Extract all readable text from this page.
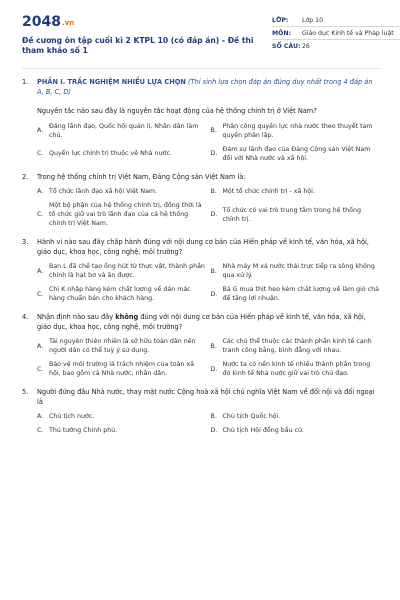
2048.vn
Đề cương ôn tập cuối kì 2 KTPL 10 (có đáp án) - Đề thi tham khảo số 1
LỚP:	Lớp 10
MÔN:	Giáo dục Kinh tế và Pháp luật
SỐ CÂU: 26
1.	PHẦN I. TRẮC NGHIỆM NHIỀU LỰA CHỌN (Thí sinh lựa chọn đáp án đúng duy nhất trong 4 đáp án A, B, C, D)
Nguyên tắc nào sau đây là nguyên tắc hoạt động của hệ thống chính trị ở Việt Nam?
A.
Đảng lãnh đạo, Quốc hội quản lí, Nhân dân làm chủ.
B.
Phân công quyền lực nhà nước theo thuyết tam quyền phân lập.
C. Quyền lực chính trị thuộc về Nhà nước.	D.
Đảm sự lãnh đạo của Đảng Cộng sản Việt Nam đối với Nhà nước và xã hội.
2.	Trong hệ thống chính trị Việt Nam, Đảng Cộng sản Việt Nam là:
A. Tổ chức lãnh đạo xã hội Việt Nam.	B. Một tổ chức chính trị - xã hội.
C.
Một bộ phận của hệ thống chính trị, đồng thời là tổ chức giữ vai trò lãnh đạo của cả hệ thống chính trị Việt Nam.
D.
Tổ chức có vai trò trung tâm trong hệ thống chính trị.
3.	Hành vi nào sau đây chấp hành đúng với nội dung cơ bản của Hiến pháp về kinh tế, văn hóa, xã hội, giáo dục, khoa học, công nghệ, môi trường?
A.
Bạn L đã chế tạo ống hút từ thực vật, thành phần chính là hạt bơ và ăn được.
B.
Nhà máy M xả nước thải trực tiếp ra sông không qua xử lý.
C.
Chị K nhập hàng kém chất lượng về dán mác hàng chuẩn bán cho khách hàng.
D.
Bà G mua thịt heo kém chất lượng về làm giò chả để tăng lợi nhuận.
4.	Nhận định nào sau đây không đúng với nội dung cơ bản của Hiến pháp về kinh tế, văn hóa, xã hội, giáo dục, khoa học, công nghệ, môi trường?
A.
Tài nguyên thiên nhiên là sở hữu toàn dân nên người dân có thể tuỳ ý sử dụng.
B.
Các chủ thể thuộc các thành phần kinh tế cạnh tranh công bằng, bình đẳng với nhau.
C.
Bảo vệ môi trường là trách nhiệm của toàn xã hội, bao gồm cả Nhà nước, nhân dân.
D.
Nước ta có nền kinh tế nhiều thành phần trong đó kinh tế Nhà nước giữ vai trò chủ đạo.
5.	Người đứng đầu Nhà nước, thay mặt nước Cộng hoà xã hội chủ nghĩa Việt Nam về đối nội và đối ngoại là
A. Chủ tịch nước.	B. Chủ tịch Quốc hội.
C. Thủ tướng Chính phủ.	D. Chủ tịch Hội đồng bầu cử.
